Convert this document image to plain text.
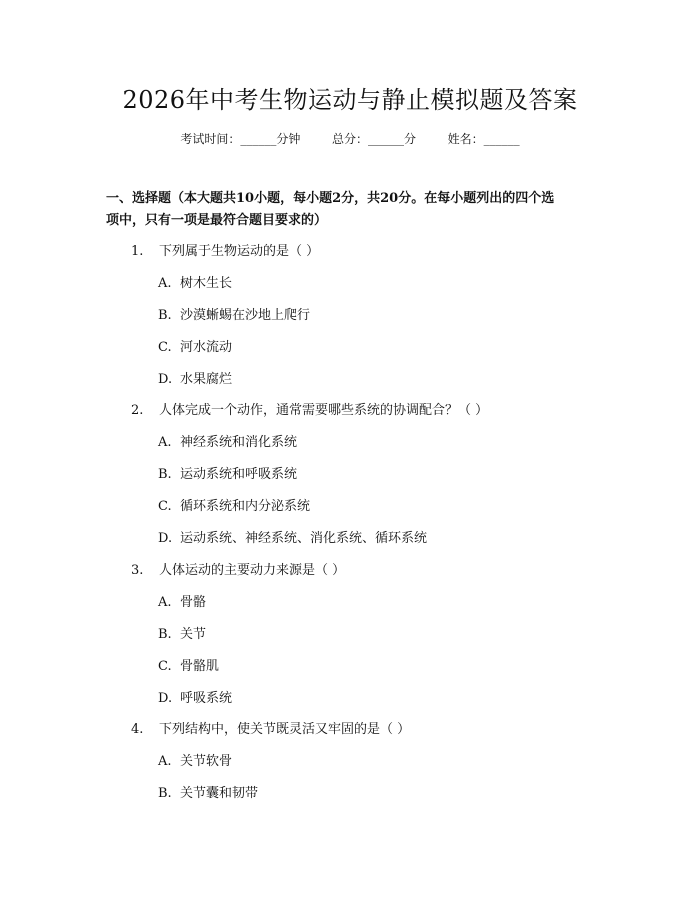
2026年中考生物运动与静止模拟题及答案
考试时间：______分钟	总分：______分	姓名：______
一、选择题（本大题共10小题，每小题2分，共20分。在每小题列出的四个选
项中，只有一项是最符合题目要求的）
1. 下列属于生物运动的是（ ）
A. 树木生长
B. 沙漠蜥蜴在沙地上爬行
C. 河水流动
D. 水果腐烂
2. 人体完成一个动作，通常需要哪些系统的协调配合？（ ）
A. 神经系统和消化系统
B. 运动系统和呼吸系统
C. 循环系统和内分泌系统
D. 运动系统、神经系统、消化系统、循环系统
3. 人体运动的主要动力来源是（ ）
A. 骨骼
B. 关节
C. 骨骼肌
D. 呼吸系统
4. 下列结构中，使关节既灵活又牢固的是（ ）
A. 关节软骨
B. 关节囊和韧带
